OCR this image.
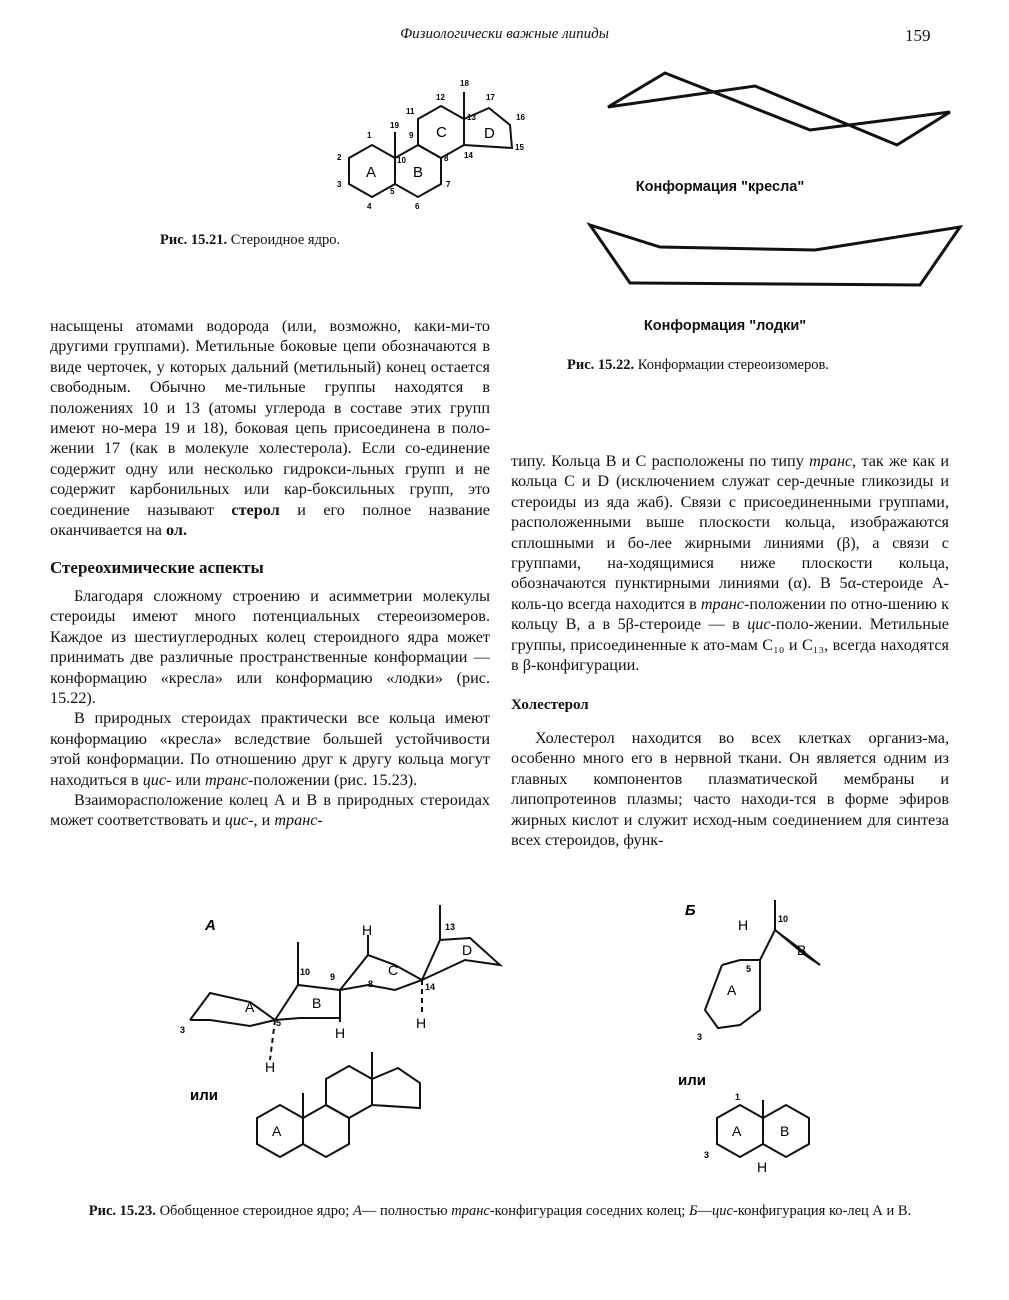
Физиологически важные липиды	159
A B
C D
1
2
3
4
5
6
7
8
9
10
11
12
13
14
15
16
17
18
19
Рис. 15.21. Стероидное ядро.
Конформация "кресла"
Конформация "лодки"
Рис. 15.22. Конформации стереоизомеров.

насыщены атомами водорода (или, возможно, каки-ми-то другими группами). Метильные боковые цепи обозначаются в виде черточек, у которых дальний (метильный) конец остается свободным. Обычно ме-тильные группы находятся в положениях 10 и 13 (атомы углерода в составе этих групп имеют но-мера 19 и 18), боковая цепь присоединена в поло-жении 17 (как в молекуле холестерола). Если со-единение содержит одну или несколько гидрокси-льных групп и не содержит карбонильных или кар-боксильных групп, это соединение называют стерол и его полное название оканчивается на ол.

Стереохимические аспекты

Благодаря сложному строению и асимметрии молекулы стероиды имеют много потенциальных стереоизомеров. Каждое из шестиуглеродных колец стероидного ядра может принимать две различные пространственные конформации — конформацию «кресла» или конформацию «лодки» (рис. 15.22).

В природных стероидах практически все кольца имеют конформацию «кресла» вследствие большей устойчивости этой конформации. По отношению друг к другу кольца могут находиться в цис- или транс-положении (рис. 15.23).

Взаиморасположение колец А и В в природных стероидах может соответствовать и цис-, и транс-

типу. Кольца В и С расположены по типу транс, так же как и кольца С и D (исключением служат сер-дечные гликозиды и стероиды из яда жаб). Связи с присоединенными группами, расположенными выше плоскости кольца, изображаются сплошными и бо-лее жирными линиями (β), а связи с группами, на-ходящимися ниже плоскости кольца, обозначаются пунктирными линиями (α). В 5α-стероиде А-коль-цо всегда находится в транс-положении по отно-шению к кольцу В, а в 5β-стероиде — в цис-поло-жении. Метильные группы, присоединенные к ато-мам C₁₀ и C₁₃, всегда находятся в β-конфигурации.

Холестерол

Холестерол находится во всех клетках организ-ма, особенно много его в нервной ткани. Он является одним из главных компонентов плазматической мембраны и липопротеинов плазмы; часто находи-тся в форме эфиров жирных кислот и служит исход-ным соединением для синтеза всех стероидов, функ-

А
Б
или
или
H
H
H
H
H
H
A	B
C
D
A
A
B
A	B
3
5
8
9
10
13
14
10
5
3
1
3
Рис. 15.23. Обобщенное стероидное ядро; А— полностью транс-конфигурация соседних колец; Б—цис-конфигурация ко-лец А и В.
